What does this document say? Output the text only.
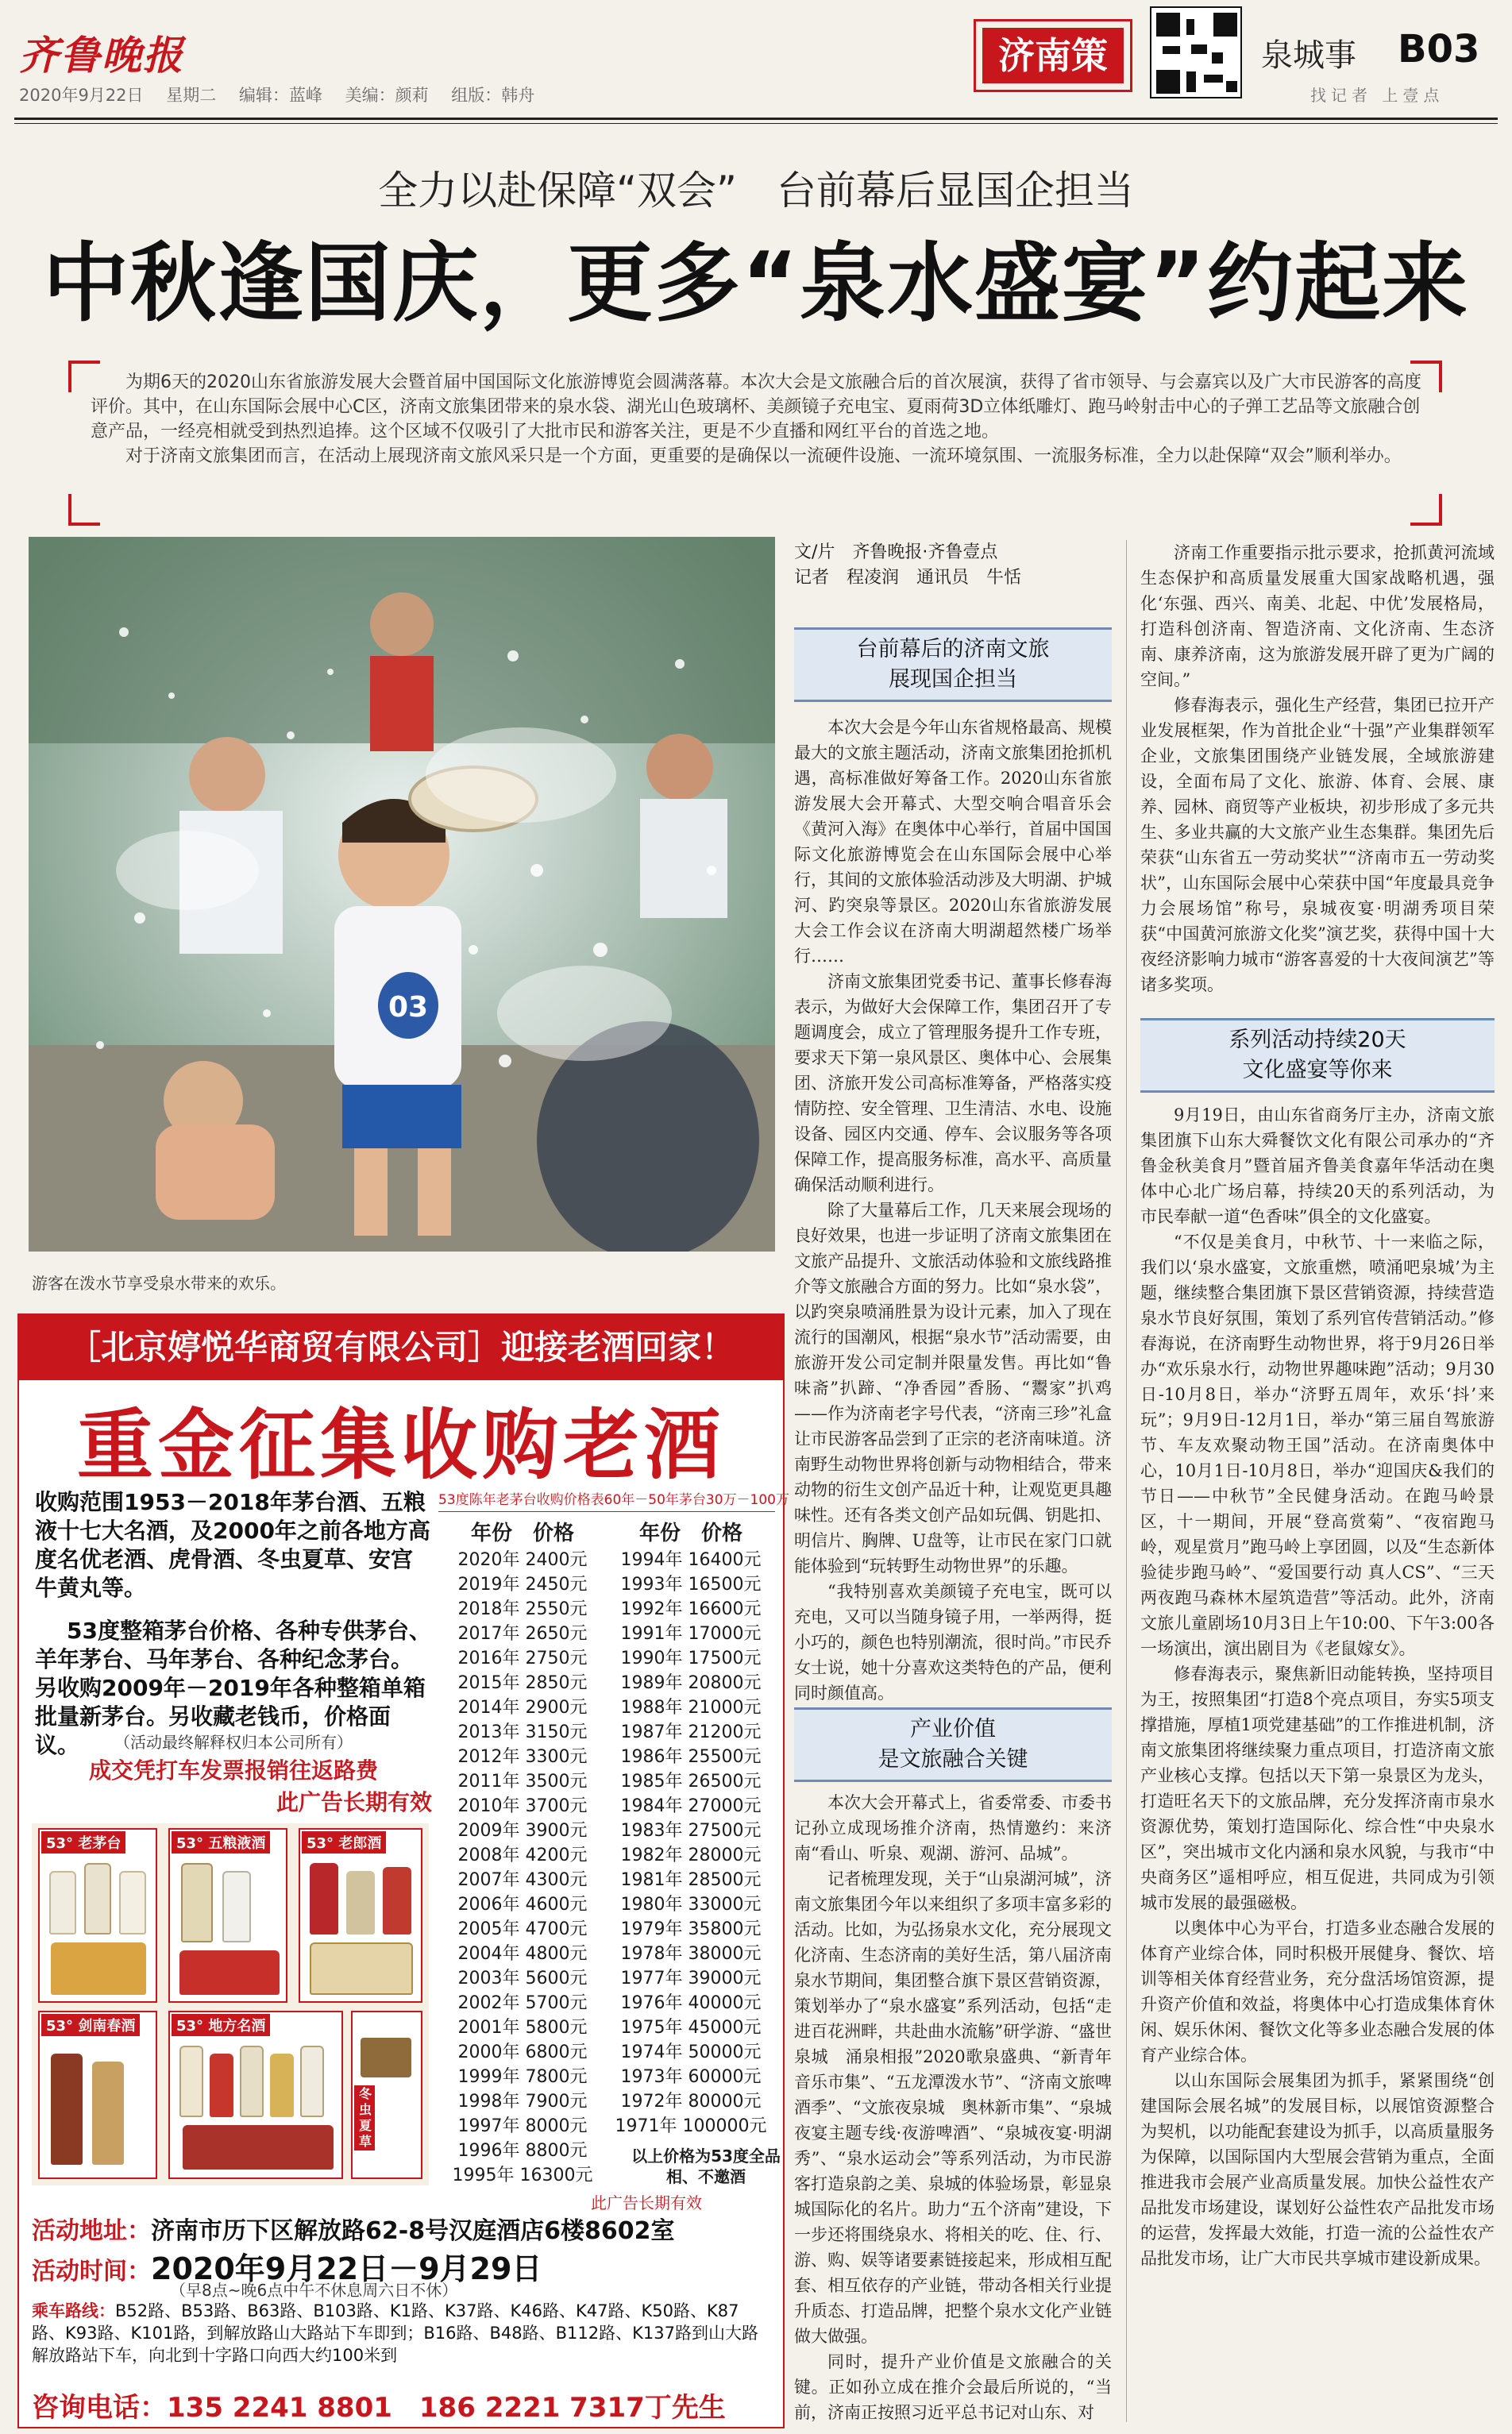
齐鲁晚报
2020年9月22日 星期二 编辑：蓝峰 美编：颜莉 组版：韩舟
济南策	泉城事 B03
找记者 上壹点
全力以赴保障“双会”　台前幕后显国企担当
中秋逢国庆，更多“泉水盛宴”约起来

为期6天的2020山东省旅游发展大会暨首届中国国际文化旅游博览会圆满落幕。本次大会是文旅融合后的首次展演，获得了省市领导、与会嘉宾以及广大市民游客的高度评价。其中，在山东国际会展中心C区，济南文旅集团带来的泉水袋、湖光山色玻璃杯、美颜镜子充电宝、夏雨荷3D立体纸雕灯、跑马岭射击中心的子弹工艺品等文旅融合创意产品，一经亮相就受到热烈追捧。这个区域不仅吸引了大批市民和游客关注，更是不少直播和网红平台的首选之地。

对于济南文旅集团而言，在活动上展现济南文旅风采只是一个方面，更重要的是确保以一流硬件设施、一流环境氛围、一流服务标准，全力以赴保障“双会”顺利举办。

03
游客在泼水节享受泉水带来的欢乐。
［北京婷悦华商贸有限公司］迎接老酒回家！
重金征集收购老酒
收购范围1953－2018年茅台酒、五粮液十七大名酒，及2000年之前各地方高度名优老酒、虎骨酒、冬虫夏草、安宫牛黄丸等。
53度整箱茅台价格、各种专供茅台、羊年茅台、马年茅台、各种纪念茅台。另收购2009年－2019年各种整箱单箱批量新茅台。另收藏老钱币，价格面议。	（活动最终解释权归本公司所有）
成交凭打车发票报销往返路费
此广告长期有效
53度陈年老茅台收购价格表60年－50年茅台30万－100万
年份　 价格	年份　 价格
2020年 2400元	1994年 16400元
2019年 2450元	1993年 16500元
2018年 2550元	1992年 16600元
2017年 2650元	1991年 17000元
2016年 2750元	1990年 17500元
2015年 2850元	1989年 20800元
2014年 2900元	1988年 21000元
2013年 3150元	1987年 21200元
2012年 3300元	1986年 25500元
2011年 3500元	1985年 26500元
2010年 3700元	1984年 27000元
2009年 3900元	1983年 27500元
2008年 4200元	1982年 28000元
2007年 4300元	1981年 28500元
2006年 4600元	1980年 33000元
2005年 4700元	1979年 35800元
2004年 4800元	1978年 38000元
2003年 5600元	1977年 39000元
2002年 5700元	1976年 40000元
2001年 5800元	1975年 45000元
2000年 6800元	1974年 50000元
1999年 7800元	1973年 60000元
1998年 7900元	1972年 80000元
1997年 8000元	1971年 100000元
1996年 8800元

1995年 16300元

以上价格为53度全品相、不邀酒
此广告长期有效
53° 老茅台	53° 五粮液酒	53° 老郎酒
53° 剑南春酒	53° 地方名酒
冬虫夏草
活动地址：济南市历下区解放路62-8号汉庭酒店6楼8602室
活动时间：2020年9月22日－9月29日
（早8点~晚6点中午不休息周六日不休）
乘车路线：B52路、B53路、B63路、B103路、K1路、K37路、K46路、K47路、K50路、K87路、K93路、K101路，到解放路山大路站下车即到；B16路、B48路、B112路、K137路到山大路解放路站下车，向北到十字路口向西大约100米到
咨询电话：135 2241 8801　186 2221 7317丁先生
文/片　齐鲁晚报·齐鲁壹点
记者　程凌润　通讯员　牛恬
台前幕后的济南文旅
展现国企担当

本次大会是今年山东省规格最高、规模最大的文旅主题活动，济南文旅集团抢抓机遇，高标准做好筹备工作。2020山东省旅游发展大会开幕式、大型交响合唱音乐会《黄河入海》在奥体中心举行，首届中国国际文化旅游博览会在山东国际会展中心举行，其间的文旅体验活动涉及大明湖、护城河、趵突泉等景区。2020山东省旅游发展大会工作会议在济南大明湖超然楼广场举行……

济南文旅集团党委书记、董事长修春海表示，为做好大会保障工作，集团召开了专题调度会，成立了管理服务提升工作专班，要求天下第一泉风景区、奥体中心、会展集团、济旅开发公司高标准筹备，严格落实疫情防控、安全管理、卫生清洁、水电、设施设备、园区内交通、停车、会议服务等各项保障工作，提高服务标准，高水平、高质量确保活动顺利进行。

除了大量幕后工作，几天来展会现场的良好效果，也进一步证明了济南文旅集团在文旅产品提升、文旅活动体验和文旅线路推介等文旅融合方面的努力。比如“泉水袋”，以趵突泉喷涌胜景为设计元素，加入了现在流行的国潮风，根据“泉水节”活动需要，由旅游开发公司定制并限量发售。再比如“鲁味斋”扒蹄、“净香园”香肠、“鬻家”扒鸡——作为济南老字号代表，“济南三珍”礼盒让市民游客品尝到了正宗的老济南味道。济南野生动物世界将创新与动物相结合，带来动物的衍生文创产品近十种，让观览更具趣味性。还有各类文创产品如玩偶、钥匙扣、明信片、胸牌、U盘等，让市民在家门口就能体验到“玩转野生动物世界”的乐趣。

“我特别喜欢美颜镜子充电宝，既可以充电，又可以当随身镜子用，一举两得，挺小巧的，颜色也特别潮流，很时尚。”市民乔女士说，她十分喜欢这类特色的产品，便利同时颜值高。

产业价值
是文旅融合关键

本次大会开幕式上，省委常委、市委书记孙立成现场推介济南，热情邀约：来济南“看山、听泉、观湖、游河、品城”。

记者梳理发现，关于“山泉湖河城”，济南文旅集团今年以来组织了多项丰富多彩的活动。比如，为弘扬泉水文化，充分展现文化济南、生态济南的美好生活，第八届济南泉水节期间，集团整合旗下景区营销资源，策划举办了“泉水盛宴”系列活动，包括“走进百花洲畔，共赴曲水流觞”研学游、“盛世泉城　涌泉相报”2020歌泉盛典、“新青年音乐市集”、“五龙潭泼水节”、“济南文旅啤酒季”、“文旅夜泉城　奥林新市集”、“泉城夜宴主题专线·夜游啤酒”、“泉城夜宴·明湖秀”、“泉水运动会”等系列活动，为市民游客打造泉韵之美、泉城的体验场景，彰显泉城国际化的名片。助力“五个济南”建设，下一步还将围绕泉水、将相关的吃、住、行、游、购、娱等诸要素链接起来，形成相互配套、相互依存的产业链，带动各相关行业提升质态、打造品牌，把整个泉水文化产业链做大做强。

同时，提升产业价值是文旅融合的关键。正如孙立成在推介会最后所说的，“当前，济南正按照习近平总书记对山东、对

济南工作重要指示批示要求，抢抓黄河流域生态保护和高质量发展重大国家战略机遇，强化‘东强、西兴、南美、北起、中优’发展格局，打造科创济南、智造济南、文化济南、生态济南、康养济南，这为旅游发展开辟了更为广阔的空间。”

修春海表示，强化生产经营，集团已拉开产业发展框架，作为首批企业“十强”产业集群领军企业，文旅集团围绕产业链发展，全域旅游建设，全面布局了文化、旅游、体育、会展、康养、园林、商贸等产业板块，初步形成了多元共生、多业共赢的大文旅产业生态集群。集团先后荣获“山东省五一劳动奖状”“济南市五一劳动奖状”，山东国际会展中心荣获中国“年度最具竞争力会展场馆”称号，泉城夜宴·明湖秀项目荣获“中国黄河旅游文化奖”演艺奖，获得中国十大夜经济影响力城市“游客喜爱的十大夜间演艺”等诸多奖项。

系列活动持续20天
文化盛宴等你来

9月19日，由山东省商务厅主办，济南文旅集团旗下山东大舜餐饮文化有限公司承办的“齐鲁金秋美食月”暨首届齐鲁美食嘉年华活动在奥体中心北广场启幕，持续20天的系列活动，为市民奉献一道“色香味”俱全的文化盛宴。

“不仅是美食月，中秋节、十一来临之际，我们以‘泉水盛宴，文旅重燃，喷涌吧泉城’为主题，继续整合集团旗下景区营销资源，持续营造泉水节良好氛围，策划了系列官传营销活动。”修春海说，在济南野生动物世界，将于9月26日举办“欢乐泉水行，动物世界趣味跑”活动；9月30日-10月8日，举办“济野五周年，欢乐‘抖’来玩”；9月9日-12月1日，举办“第三届自驾旅游节、车友欢聚动物王国”活动。在济南奥体中心，10月1日-10月8日，举办“迎国庆&我们的节日——中秋节”全民健身活动。在跑马岭景区，十一期间，开展“登高赏菊”、“夜宿跑马岭，观星赏月”跑马岭上享团圆，以及“生态新体验徒步跑马岭”、“爱国要行动 真人CS”、“三天两夜跑马森林木屋筑造营”等活动。此外，济南文旅儿童剧场10月3日上午10:00、下午3:00各一场演出，演出剧目为《老鼠嫁女》。

修春海表示，聚焦新旧动能转换，坚持项目为王，按照集团“打造8个亮点项目，夯实5项支撑措施，厚植1项党建基础”的工作推进机制，济南文旅集团将继续聚力重点项目，打造济南文旅产业核心支撑。包括以天下第一泉景区为龙头，打造旺名天下的文旅品牌，充分发挥济南市泉水资源优势，策划打造国际化、综合性“中央泉水区”，突出城市文化内涵和泉水风貌，与我市“中央商务区”遥相呼应，相互促进，共同成为引领城市发展的最强磁极。

以奥体中心为平台，打造多业态融合发展的体育产业综合体，同时积极开展健身、餐饮、培训等相关体育经营业务，充分盘活场馆资源，提升资产价值和效益，将奥体中心打造成集体育休闲、娱乐休闲、餐饮文化等多业态融合发展的体育产业综合体。

以山东国际会展集团为抓手，紧紧围绕“创建国际会展名城”的发展目标，以展馆资源整合为契机，以功能配套建设为抓手，以高质量服务为保障，以国际国内大型展会营销为重点，全面推进我市会展产业高质量发展。加快公益性农产品批发市场建设，谋划好公益性农产品批发市场的运营，发挥最大效能，打造一流的公益性农产品批发市场，让广大市民共享城市建设新成果。
